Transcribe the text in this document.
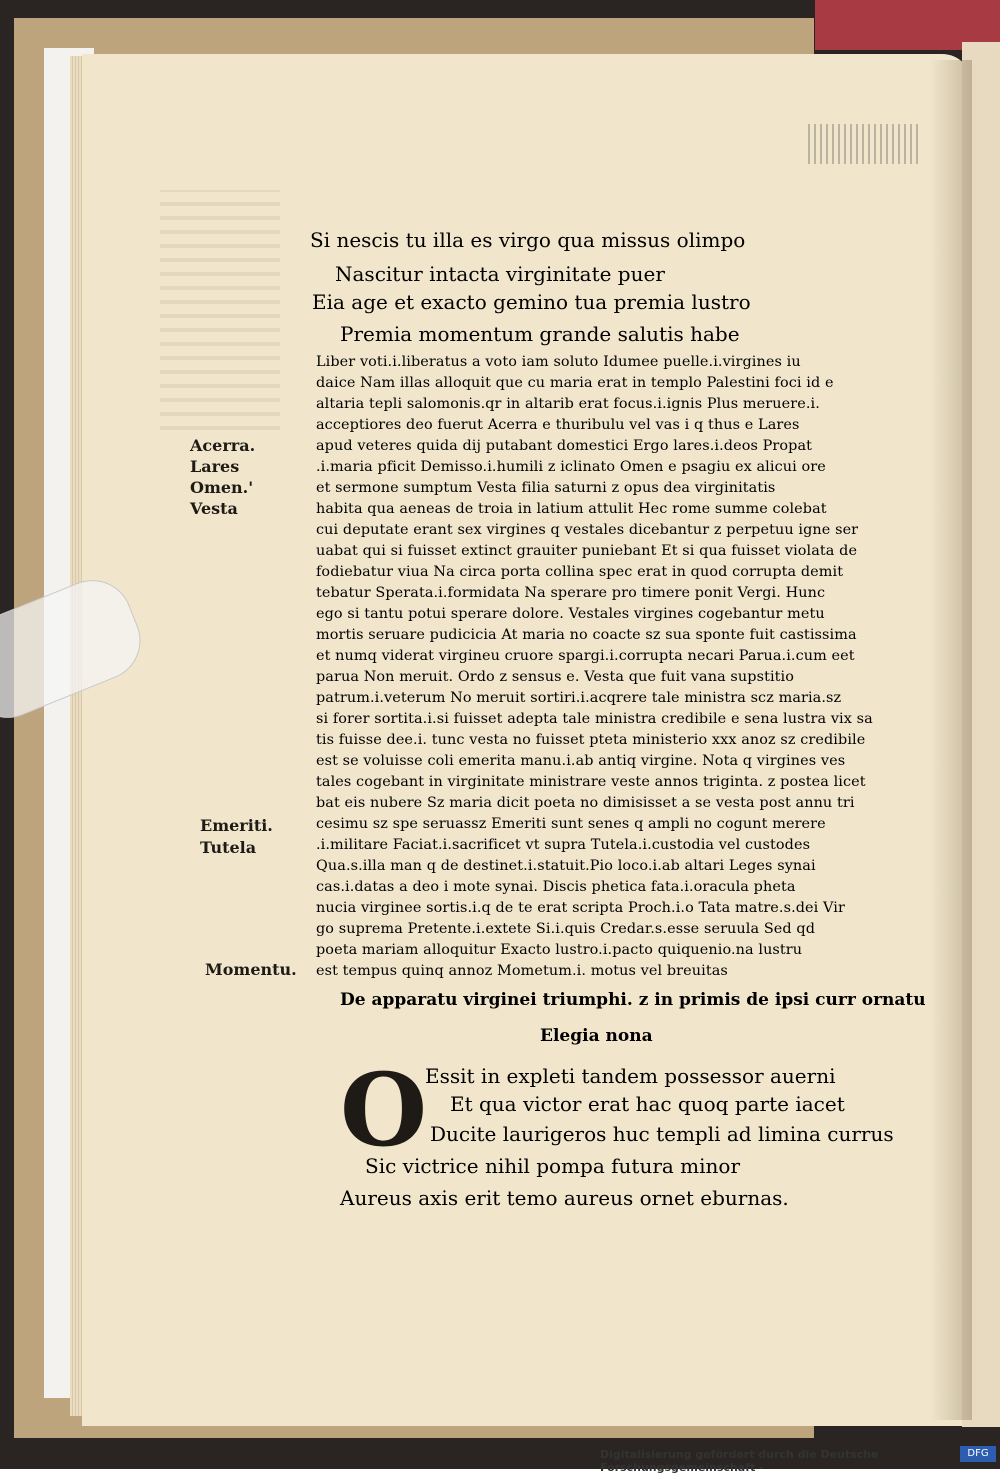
Si nescis tu illa es virgo qua missus olimpo
Nascitur intacta virginitate puer
Eia age et exacto gemino tua premia lustro
Premia momentum grande salutis habe
Liber voti.i.liberatus a voto iam soluto Idumee puelle.i.virgines iu
daice Nam illas alloquit que cu maria erat in templo Palestini foci id e
altaria tepli salomonis.qr in altarib erat focus.i.ignis Plus meruere.i.
acceptiores deo fuerut Acerra e thuribulu vel vas i q thus e Lares
apud veteres quida dij putabant domestici Ergo lares.i.deos Propat
.i.maria pficit Demisso.i.humili z iclinato Omen e psagiu ex alicui ore
et sermone sumptum Vesta filia saturni z opus dea virginitatis
habita qua aeneas de troia in latium attulit Hec rome summe colebat
cui deputate erant sex virgines q vestales dicebantur z perpetuu igne ser
uabat qui si fuisset extinct grauiter puniebant Et si qua fuisset violata de
fodiebatur viua Na circa porta collina spec erat in quod corrupta demit
tebatur Sperata.i.formidata Na sperare pro timere ponit Vergi. Hunc
ego si tantu potui sperare dolore. Vestales virgines cogebantur metu
mortis seruare pudicicia At maria no coacte sz sua sponte fuit castissima
et numq viderat virgineu cruore spargi.i.corrupta necari Parua.i.cum eet
parua Non meruit. Ordo z sensus e. Vesta que fuit vana supstitio
patrum.i.veterum No meruit sortiri.i.acqrere tale ministra scz maria.sz
si forer sortita.i.si fuisset adepta tale ministra credibile e sena lustra vix sa
tis fuisse dee.i. tunc vesta no fuisset pteta ministerio xxx anoz sz credibile
est se voluisse coli emerita manu.i.ab antiq virgine. Nota q virgines ves
tales cogebant in virginitate ministrare veste annos triginta. z postea licet
bat eis nubere Sz maria dicit poeta no dimisisset a se vesta post annu tri
cesimu sz spe seruassz Emeriti sunt senes q ampli no cogunt merere
.i.militare Faciat.i.sacrificet vt supra Tutela.i.custodia vel custodes
Qua.s.illa man q de destinet.i.statuit.Pio loco.i.ab altari Leges synai
cas.i.datas a deo i mote synai. Discis phetica fata.i.oracula pheta
nucia virginee sortis.i.q de te erat scripta Proch.i.o Tata matre.s.dei Vir
go suprema Pretente.i.extete Si.i.quis Credar.s.esse seruula Sed qd
poeta mariam alloquitur Exacto lustro.i.pacto quiquenio.na lustru
est tempus quinq annoz Mometum.i. motus vel breuitas
Acerra.
Lares
Omen.'
Vesta
Emeriti.
Tutela
Momentu.
De apparatu virginei triumphi. z in primis de ipsi curr ornatu
Elegia nona
O
Essit in expleti tandem possessor auerni
Et qua victor erat hac quoq parte iacet
Ducite laurigeros huc templi ad limina currus
Sic victrice nihil pompa futura minor
Aureus axis erit temo aureus ornet eburnas.
Digitalisierung gefördert durch die Deutsche Forschungsgemeinschaft -
DFG
